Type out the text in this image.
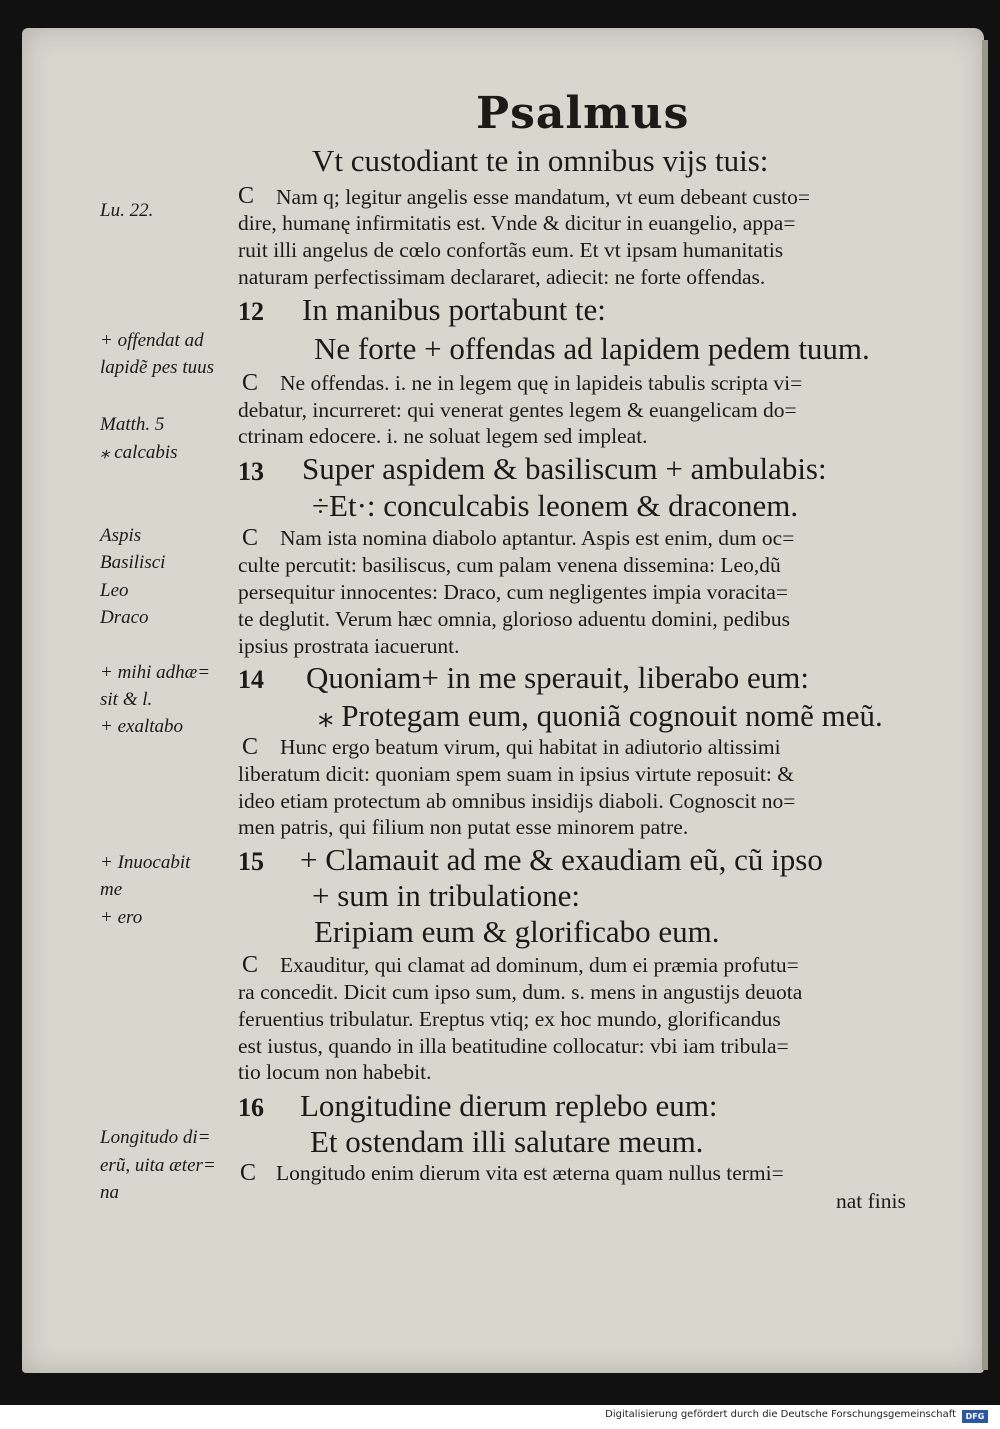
Psalmus

Vt custodiant te in omnibus vijs tuis:

C Nam q; legitur angelis esse mandatum, vt eum debeant custo=

dire, humanę infirmitatis est. Vnde & dicitur in euangelio, appa=

ruit illi angelus de cœlo confortãs eum. Et vt ipsam humanitatis

naturam perfectissimam declararet, adiecit: ne forte offendas.

12 In manibus portabunt te:

Ne forte + offendas ad lapidem pedem tuum.

C Ne offendas. i. ne in legem quę in lapideis tabulis scripta vi=

debatur, incurreret: qui venerat gentes legem & euangelicam do=

ctrinam edocere. i. ne soluat legem sed impleat.

13 Super aspidem & basiliscum + ambulabis:

÷Et·: conculcabis leonem & draconem.

C Nam ista nomina diabolo aptantur. Aspis est enim, dum oc=

culte percutit: basiliscus, cum palam venena dissemina: Leo,dũ

persequitur innocentes: Draco, cum negligentes impia voracita=

te deglutit. Verum hæc omnia, glorioso aduentu domini, pedibus

ipsius prostrata iacuerunt.

14 Quoniam+ in me sperauit, liberabo eum:

⁎ Protegam eum, quoniã cognouit nomẽ meũ.

C Hunc ergo beatum virum, qui habitat in adiutorio altissimi

liberatum dicit: quoniam spem suam in ipsius virtute reposuit: &

ideo etiam protectum ab omnibus insidijs diaboli. Cognoscit no=

men patris, qui filium non putat esse minorem patre.

15 + Clamauit ad me & exaudiam eũ, cũ ipso

+ sum in tribulatione:

Eripiam eum & glorificabo eum.

C Exauditur, qui clamat ad dominum, dum ei præmia profutu=

ra concedit. Dicit cum ipso sum, dum. s. mens in angustijs deuota

feruentius tribulatur. Ereptus vtiq; ex hoc mundo, glorificandus

est iustus, quando in illa beatitudine collocatur: vbi iam tribula=

tio locum non habebit.

16 Longitudine dierum replebo eum:

Et ostendam illi salutare meum.

C Longitudo enim dierum vita est æterna quam nullus termi=

nat finis

Lu. 22.

+ offendat ad

lapidẽ pes tuus

Matth. 5

⁎ calcabis

Aspis

Basilisci

Leo

Draco

+ mihi adhæ=

sit & l.

+ exaltabo

+ Inuocabit

me

+ ero

Longitudo di=

erũ, uita æter=

na

Digitalisierung gefördert durch die Deutsche Forschungsgemeinschaft	DFG
